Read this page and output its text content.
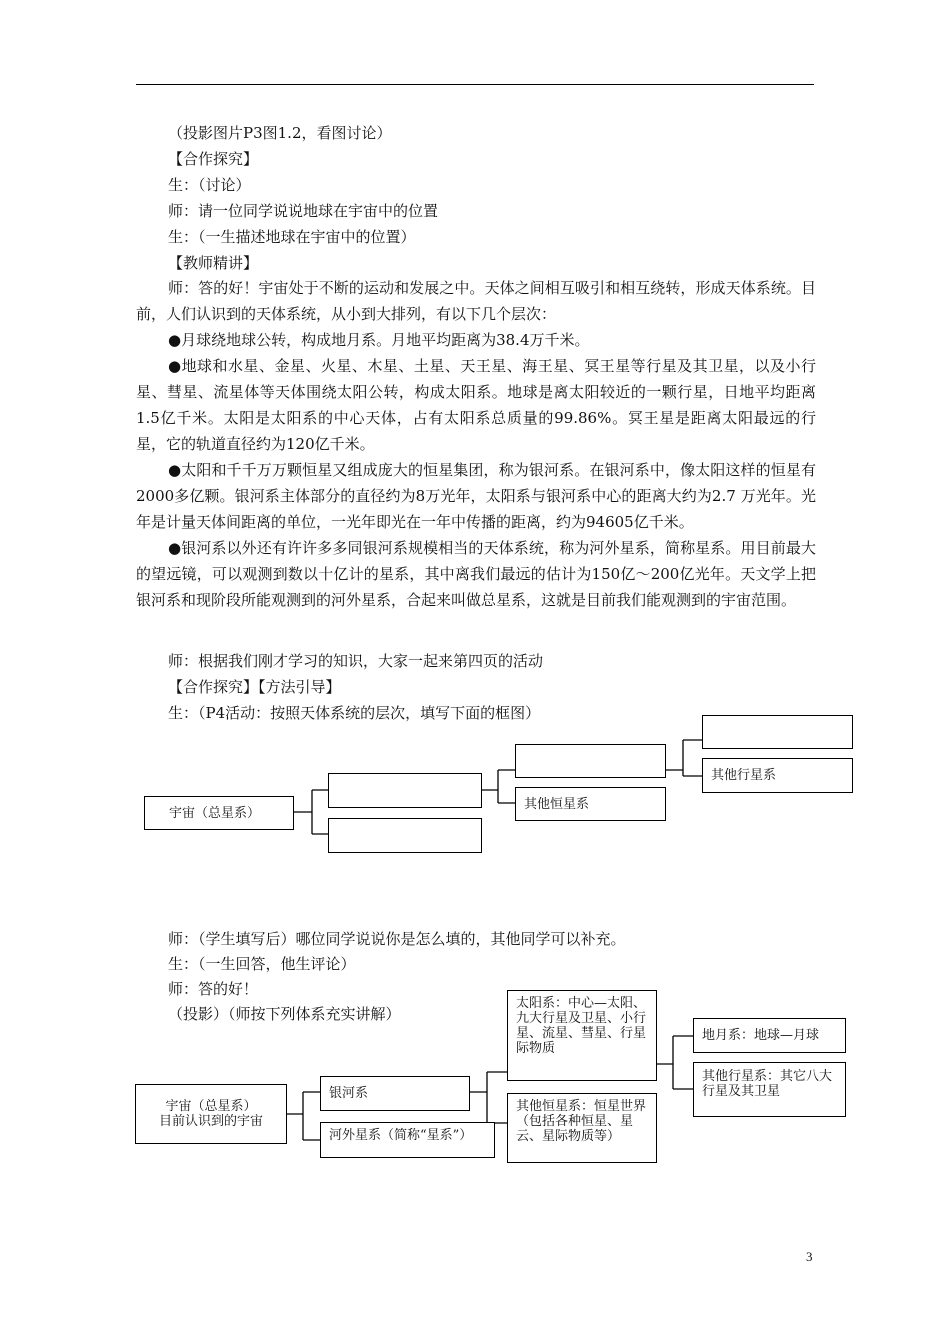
（投影图片P3图1.2，看图讨论）
【合作探究】
生：（讨论）
师：请一位同学说说地球在宇宙中的位置
生：（一生描述地球在宇宙中的位置）
【教师精讲】

师：答的好！宇宙处于不断的运动和发展之中。天体之间相互吸引和相互绕转，形成天体系统。目前，人们认识到的天体系统，从小到大排列，有以下几个层次：

●月球绕地球公转，构成地月系。月地平均距离为38.4万千米。

●地球和水星、金星、火星、木星、土星、天王星、海王星、冥王星等行星及其卫星，以及小行星、彗星、流星体等天体围绕太阳公转，构成太阳系。地球是离太阳较近的一颗行星，日地平均距离1.5亿千米。太阳是太阳系的中心天体，占有太阳系总质量的99.86%。冥王星是距离太阳最远的行星，它的轨道直径约为120亿千米。

●太阳和千千万万颗恒星又组成庞大的恒星集团，称为银河系。在银河系中，像太阳这样的恒星有2000多亿颗。银河系主体部分的直径约为8万光年，太阳系与银河系中心的距离大约为2.7 万光年。光年是计量天体间距离的单位，一光年即光在一年中传播的距离，约为94605亿千米。

●银河系以外还有许许多多同银河系规模相当的天体系统，称为河外星系，简称星系。用目前最大的望远镜，可以观测到数以十亿计的星系，其中离我们最远的估计为150亿～200亿光年。天文学上把银河系和现阶段所能观测到的河外星系，合起来叫做总星系，这就是目前我们能观测到的宇宙范围。

师：根据我们刚才学习的知识，大家一起来第四页的活动
【合作探究】【方法引导】
生：（P4活动：按照天体系统的层次，填写下面的框图）
宇宙（总星系）
其他恒星系
其他行星系
师：（学生填写后）哪位同学说说你是怎么填的，其他同学可以补充。
生：（一生回答，他生评论）
师：答的好！
（投影）（师按下列体系充实讲解）
宇宙（总星系）
目前认识到的宇宙
银河系
河外星系（简称“星系”）
太阳系：中心—太阳、九大行星及卫星、小行星、流星、彗星、行星际物质
其他恒星系：恒星世界（包括各种恒星、星云、星际物质等）
地月系：地球—月球
其他行星系：其它八大行星及其卫星
3
